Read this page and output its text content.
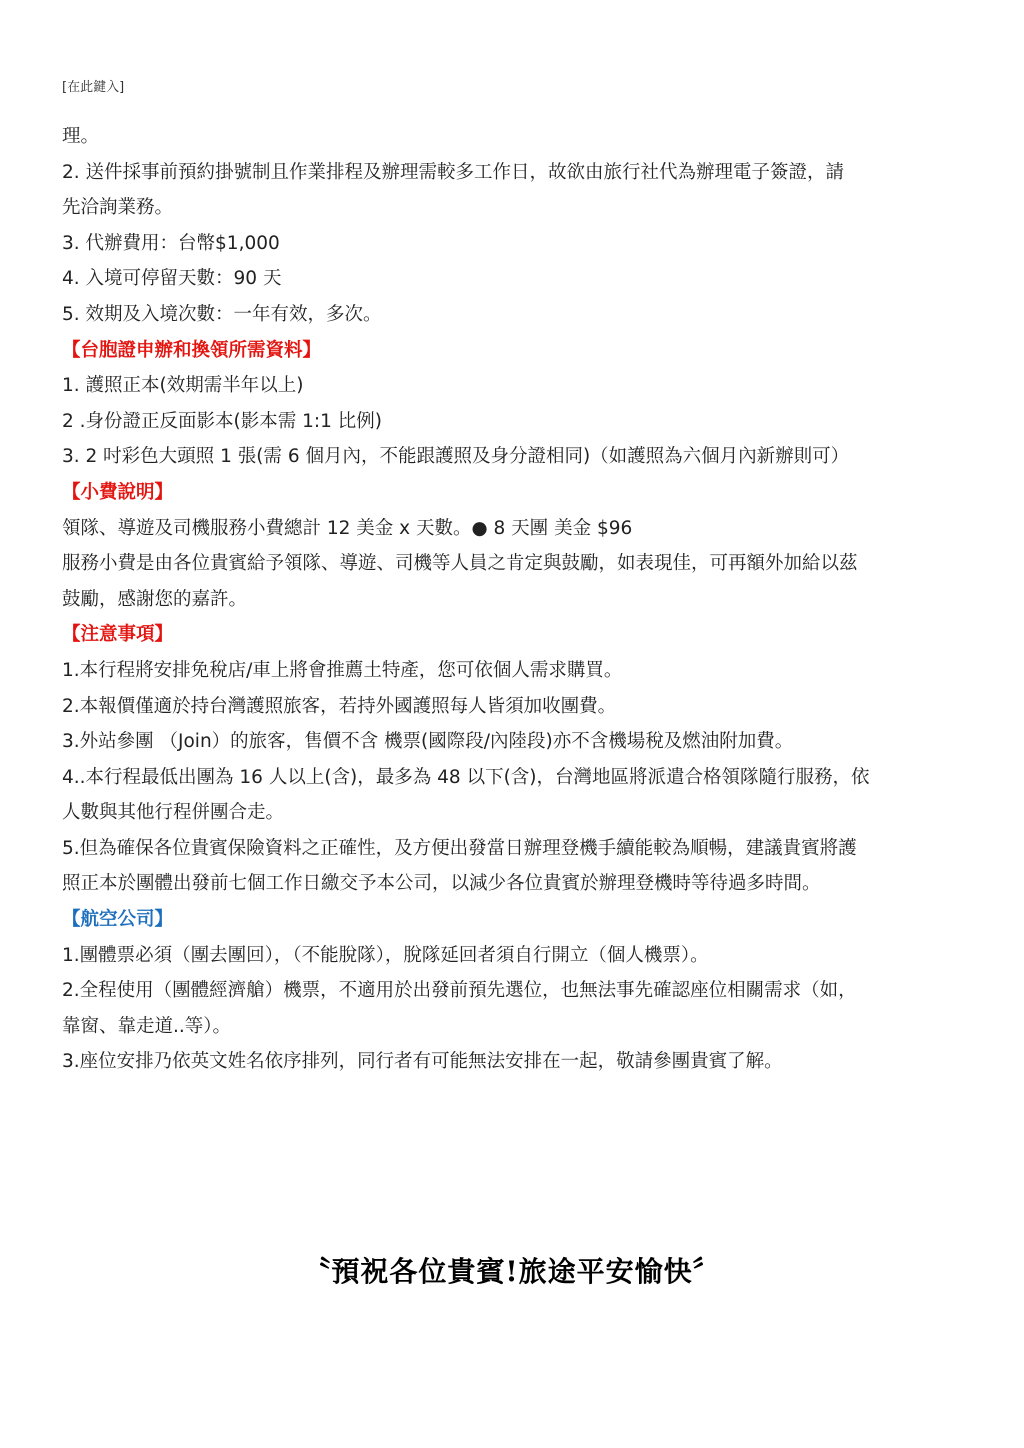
[在此鍵入]
理。
2. 送件採事前預約掛號制且作業排程及辦理需較多工作日，故欲由旅行社代為辦理電子簽證，請
先洽詢業務。
3. 代辦費用：台幣$1,000
4. 入境可停留天數：90 天
5. 效期及入境次數：一年有效，多次。
【台胞證申辦和換領所需資料】
1. 護照正本(效期需半年以上)
2 .身份證正反面影本(影本需 1:1 比例)
3. 2 吋彩色大頭照 1 張(需 6 個月內，不能跟護照及身分證相同)（如護照為六個月內新辦則可）
【小費說明】
領隊、導遊及司機服務小費總計 12 美金 x 天數。● 8 天團 美金 $96
服務小費是由各位貴賓給予領隊、導遊、司機等人員之肯定與鼓勵，如表現佳，可再額外加給以茲
鼓勵，感謝您的嘉許。
【注意事項】
1.本行程將安排免稅店/車上將會推薦土特產，您可依個人需求購買。
2.本報價僅適於持台灣護照旅客，若持外國護照每人皆須加收團費。
3.外站參團 （Join）的旅客，售價不含 機票(國際段/內陸段)亦不含機場稅及燃油附加費。
4..本行程最低出團為 16 人以上(含)，最多為 48 以下(含)，台灣地區將派遣合格領隊隨行服務，依
人數與其他行程併團合走。
5.但為確保各位貴賓保險資料之正確性，及方便出發當日辦理登機手續能較為順暢，建議貴賓將護
照正本於團體出發前七個工作日繳交予本公司，以減少各位貴賓於辦理登機時等待過多時間。
【航空公司】
1.團體票必須（團去團回），（不能脫隊），脫隊延回者須自行開立（個人機票）。
2.全程使用（團體經濟艙）機票，不適用於出發前預先選位，也無法事先確認座位相關需求（如，
靠窗、靠走道..等）。
3.座位安排乃依英文姓名依序排列，同行者有可能無法安排在一起，敬請參團貴賓了解。
〝預祝各位貴賓!旅途平安愉快〞
